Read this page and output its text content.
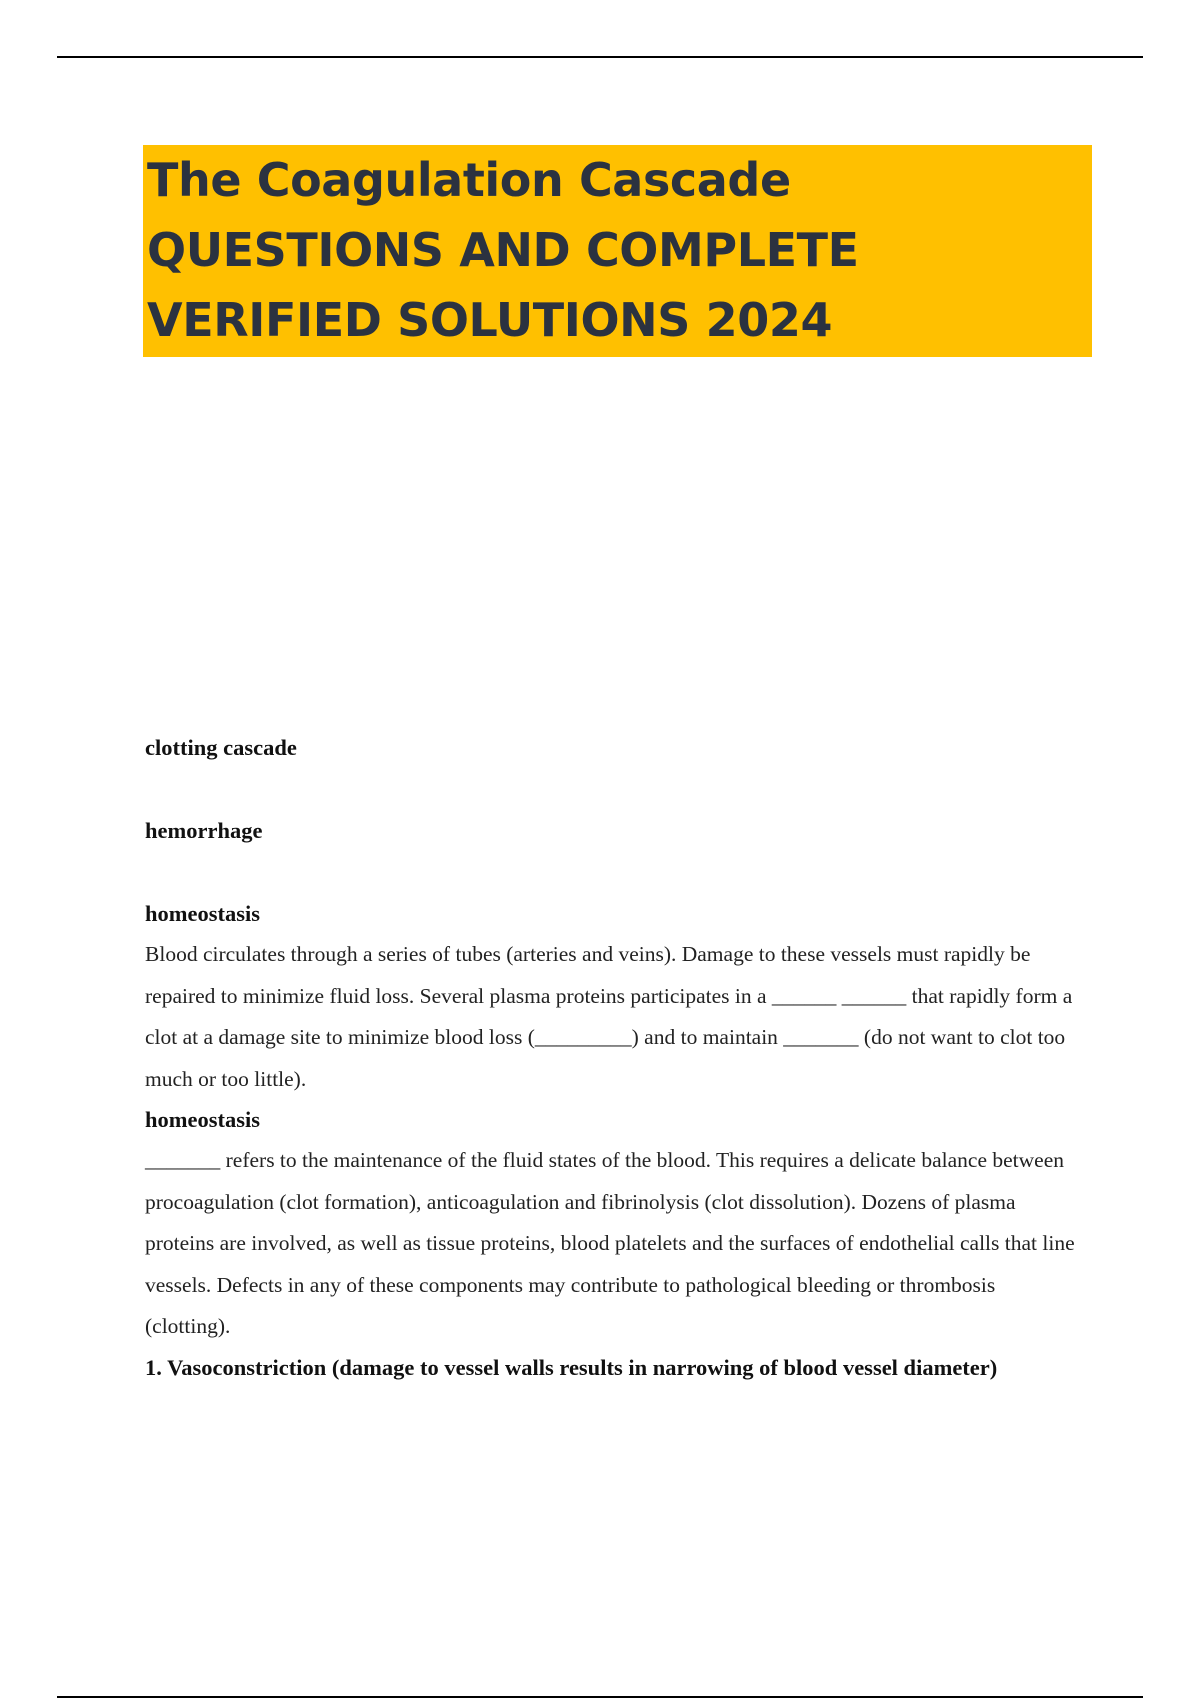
The Coagulation Cascade QUESTIONS AND COMPLETE VERIFIED SOLUTIONS 2024

clotting cascade

hemorrhage

homeostasis

Blood circulates through a series of tubes (arteries and veins). Damage to these vessels must rapidly be repaired to minimize fluid loss. Several plasma proteins participates in a ______ ______ that rapidly form a clot at a damage site to minimize blood loss (_________) and to maintain _______ (do not want to clot too much or too little).

homeostasis

_______ refers to the maintenance of the fluid states of the blood. This requires a delicate balance between procoagulation (clot formation), anticoagulation and fibrinolysis (clot dissolution). Dozens of plasma proteins are involved, as well as tissue proteins, blood platelets and the surfaces of endothelial calls that line vessels. Defects in any of these components may contribute to pathological bleeding or thrombosis (clotting).

1. Vasoconstriction (damage to vessel walls results in narrowing of blood vessel diameter)
